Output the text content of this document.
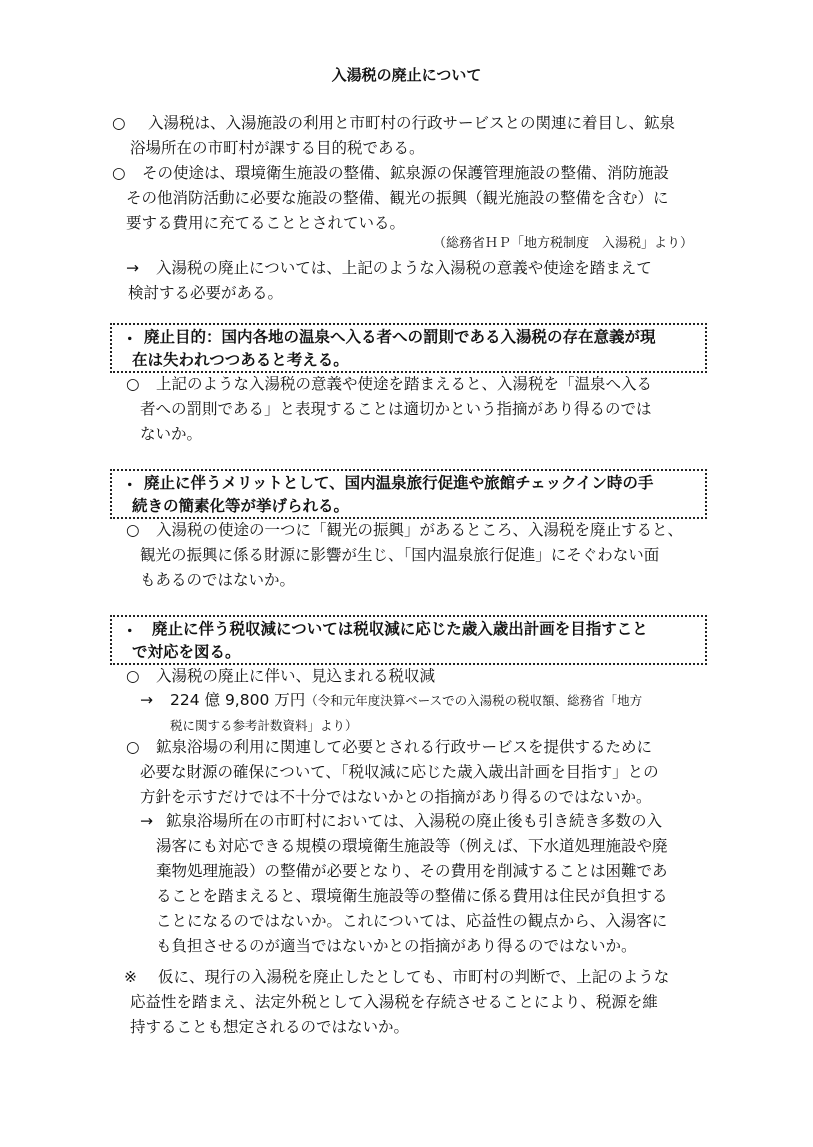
入湯税の廃止について
○	入湯税は、入湯施設の利用と市町村の行政サービスとの関連に着目し、鉱泉
浴場所在の市町村が課する目的税である。
○	その使途は、環境衛生施設の整備、鉱泉源の保護管理施設の整備、消防施設
その他消防活動に必要な施設の整備、観光の振興（観光施設の整備を含む）に
要する費用に充てることとされている。
（総務省ＨＰ「地方税制度　入湯税」より）
→	入湯税の廃止については、上記のような入湯税の意義や使途を踏まえて
検討する必要がある。
・ 廃止目的：国内各地の温泉へ入る者への罰則である入湯税の存在意義が現
在は失われつつあると考える。
○	上記のような入湯税の意義や使途を踏まえると、入湯税を「温泉へ入る
者への罰則である」と表現することは適切かという指摘があり得るのでは
ないか。
・ 廃止に伴うメリットとして、国内温泉旅行促進や旅館チェックイン時の手
続きの簡素化等が挙げられる。
○	入湯税の使途の一つに「観光の振興」があるところ、入湯税を廃止すると、
観光の振興に係る財源に影響が生じ、「国内温泉旅行促進」にそぐわない面
もあるのではないか。
・ 廃止に伴う税収減については税収減に応じた歳入歳出計画を目指すこと
で対応を図る。
○	入湯税の廃止に伴い、見込まれる税収減
→	224 億 9,800 万円（令和元年度決算ベースでの入湯税の税収額、総務省「地方
税に関する参考計数資料」より）
○	鉱泉浴場の利用に関連して必要とされる行政サービスを提供するために
必要な財源の確保について、「税収減に応じた歳入歳出計画を目指す」との
方針を示すだけでは不十分ではないかとの指摘があり得るのではないか。
→ 鉱泉浴場所在の市町村においては、入湯税の廃止後も引き続き多数の入
湯客にも対応できる規模の環境衛生施設等（例えば、下水道処理施設や廃
棄物処理施設）の整備が必要となり、その費用を削減することは困難であ
ることを踏まえると、環境衛生施設等の整備に係る費用は住民が負担する
ことになるのではないか。これについては、応益性の観点から、入湯客に
も負担させるのが適当ではないかとの指摘があり得るのではないか。
※	仮に、現行の入湯税を廃止したとしても、市町村の判断で、上記のような
応益性を踏まえ、法定外税として入湯税を存続させることにより、税源を維
持することも想定されるのではないか。
